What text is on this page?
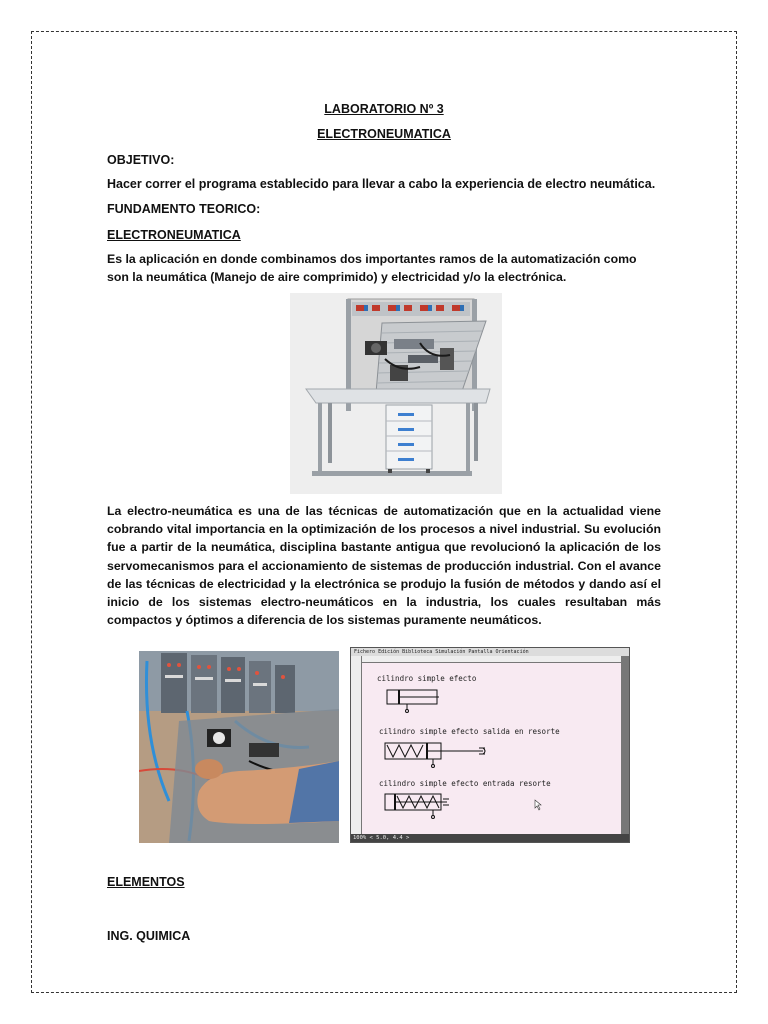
LABORATORIO Nº 3
ELECTRONEUMATICA
OBJETIVO:
Hacer correr el programa establecido para llevar a cabo la experiencia de electro neumática.
FUNDAMENTO TEORICO:
ELECTRONEUMATICA
Es la aplicación en donde combinamos dos importantes ramos de la automatización como son la neumática (Manejo de aire comprimido) y electricidad y/o la electrónica.
La electro-neumática es una de las técnicas de automatización que en la actualidad viene cobrando vital importancia en la optimización de los procesos a nivel industrial. Su evolución fue a partir de la neumática, disciplina bastante antigua que revolucionó la aplicación de los servomecanismos para el accionamiento de sistemas de producción industrial. Con el avance de las técnicas de electricidad y la electrónica se produjo la fusión de métodos y dando así el inicio de los sistemas electro-neumáticos en la industria, los cuales resultaban más compactos y óptimos a diferencia de los sistemas puramente neumáticos.
Fichero Edición Biblioteca Simulación Pantalla Orientación
cilindro simple efecto
cilindro simple efecto salida en resorte
cilindro simple efecto entrada resorte
100% < 5.0, 4.4 >
ELEMENTOS
ING. QUIMICA
